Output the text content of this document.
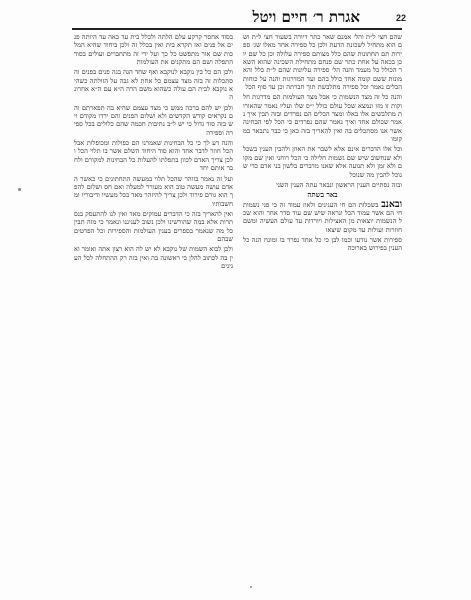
אגרת ר׳ חיים ויטל	22

שהם חצי ל״ת והל׳ אמנם שאר כתר דיורה בשעור חצי ל״ת ושם הוא מתחיל לשכונת הדעת ולכן כל ספירה אחד מאלו שג׳ ספירות תם תחתונות שהם כלל מצותם ספירה עלולה וכן כל שם יוכן בכאה על אחת כתר שם פנחם מתחילת השכינה שהוא השאר הכולל כל מעמד והנה הל׳ ספירה עליונות שהם ל״ת כלל והאמונות ששם קומה אחד כולל בהם ועד המדרגות והנה על כוחות הכלים נאמר וכל ספירה מתלבשת תוך חברתה וכן עד סוף הכל

והנה כל זה מצד הנשמות כי אבל מצד העולמות הם מדרגות חלוקות זו מזו ונמצא שכל עולם כולל י״ס שלו ועליו נאמר שהאורות מתלבשים אלו באלו ומצד הכלים הם נפרדים ובזה תבין איך נאמר שכולם אחד ואיך נאמר שהם נפרדים כי הכל לפי הבחינה אשר אנו מסתכלים בה ואין להאריך בזה כאן כי כבר נתבאר במקומו

וכל אלו הדברים אינם אלא לשבר את האוזן ולהבין הענין בשכל ולא שנחשוב שיש שם גשמות חלילה כי הכל רוחני ואין שם מקום ולא זמן ולא תנועה אלא שאנו מדברים בלשון בני אדם כדי שנוכל להבין מה שנוכל

ובזה נסתיים הענין הראשון ונבאר עתה הענין השני

באר בשתה

ובאנב בשכלות הם חי הענינים ולאוז עמוד זה כי פני נשמות חי הם אשר עמוד הכל ונראה שיש שם עוד סדר אחר והוא שכל הנשמות יוצאות מן האצילות ויורדות עד עולם העשיה ומשם חוזרות ועולות עד מקום שיצאו

ספירות אשר נודעו וכמו לבן כי כל אחד נפרד בו ומונח הנה כל הענין בפירוש בארוכה

בסוד אחסר קרקע עלם הלתה ולכלל בית עד כאה עד היותה פנים אל פנים ואז תקרא בית ואין בכלל זה ולכן ביחוד שהיא המלכות שם אור מתפשט כל כך ועל ידי זה מתחברים ועולים בסוד התפלה ושם הם מתקנים את העולמות

ולכן הם כל בין נוקבא לנוקבא ואף שחד הגה בגה פנים בפנים והסתכלות זה בזה מצד עצמם כל אחת לא גבה על הזולתה כשהיא נוקבא לבית הם עולה כשהוא משם הרה ה״א עם ה״א אחרונה

ולכן יש להם ברכה ממש כי מצד עצמם שהיא בה תפארתם והם נקראים קודש הקדשים ולא ושלום הפנים והם ירדו מקודם ויש בזה סוד גדול כי יש ל״ב נתיבות חכמה שהם כלולים בכל ספירה וספירה

והנה דע לך כי כל הבחינות שאמרנו הם כפולות ומכופלות אבל הכל חוזר לדבר אחד והוא סוד היחוד השלם אשר בו תלוי הכל ולכן צריך האדם לכוון בתפלתו להעלות כל הבחינות למקורם ולחבר אותם יחד

ועל זה נאמר בזוהר שהכל תלוי במעשה התחתונים כי כאשר האדם עושה מעשה טוב הוא מעורר למעלה ואם חס ושלום להפך הוא גורם פירוד ולכן צריך להיזהר מאד בכל מעשיו ודיבוריו ומחשבותיו

ואין להאריך בזה כי הדברים עמוקים מאד ואין לנו להתעסק בנסתרות אלא במה שהורשינו ולכן נשוב לעניננו ונאמר כי מזה תבין כל מה שנאמר בספרים בענין העולמות והספירות וכל הפרטים שבהם

ולכן לבוא השמות של נוקבא לא יש לה הוא רצון אתה ואומר ואין בה לכתוב להלן כי ראשונה בה ואין בזה רק ההתחלה לכל הענינים
